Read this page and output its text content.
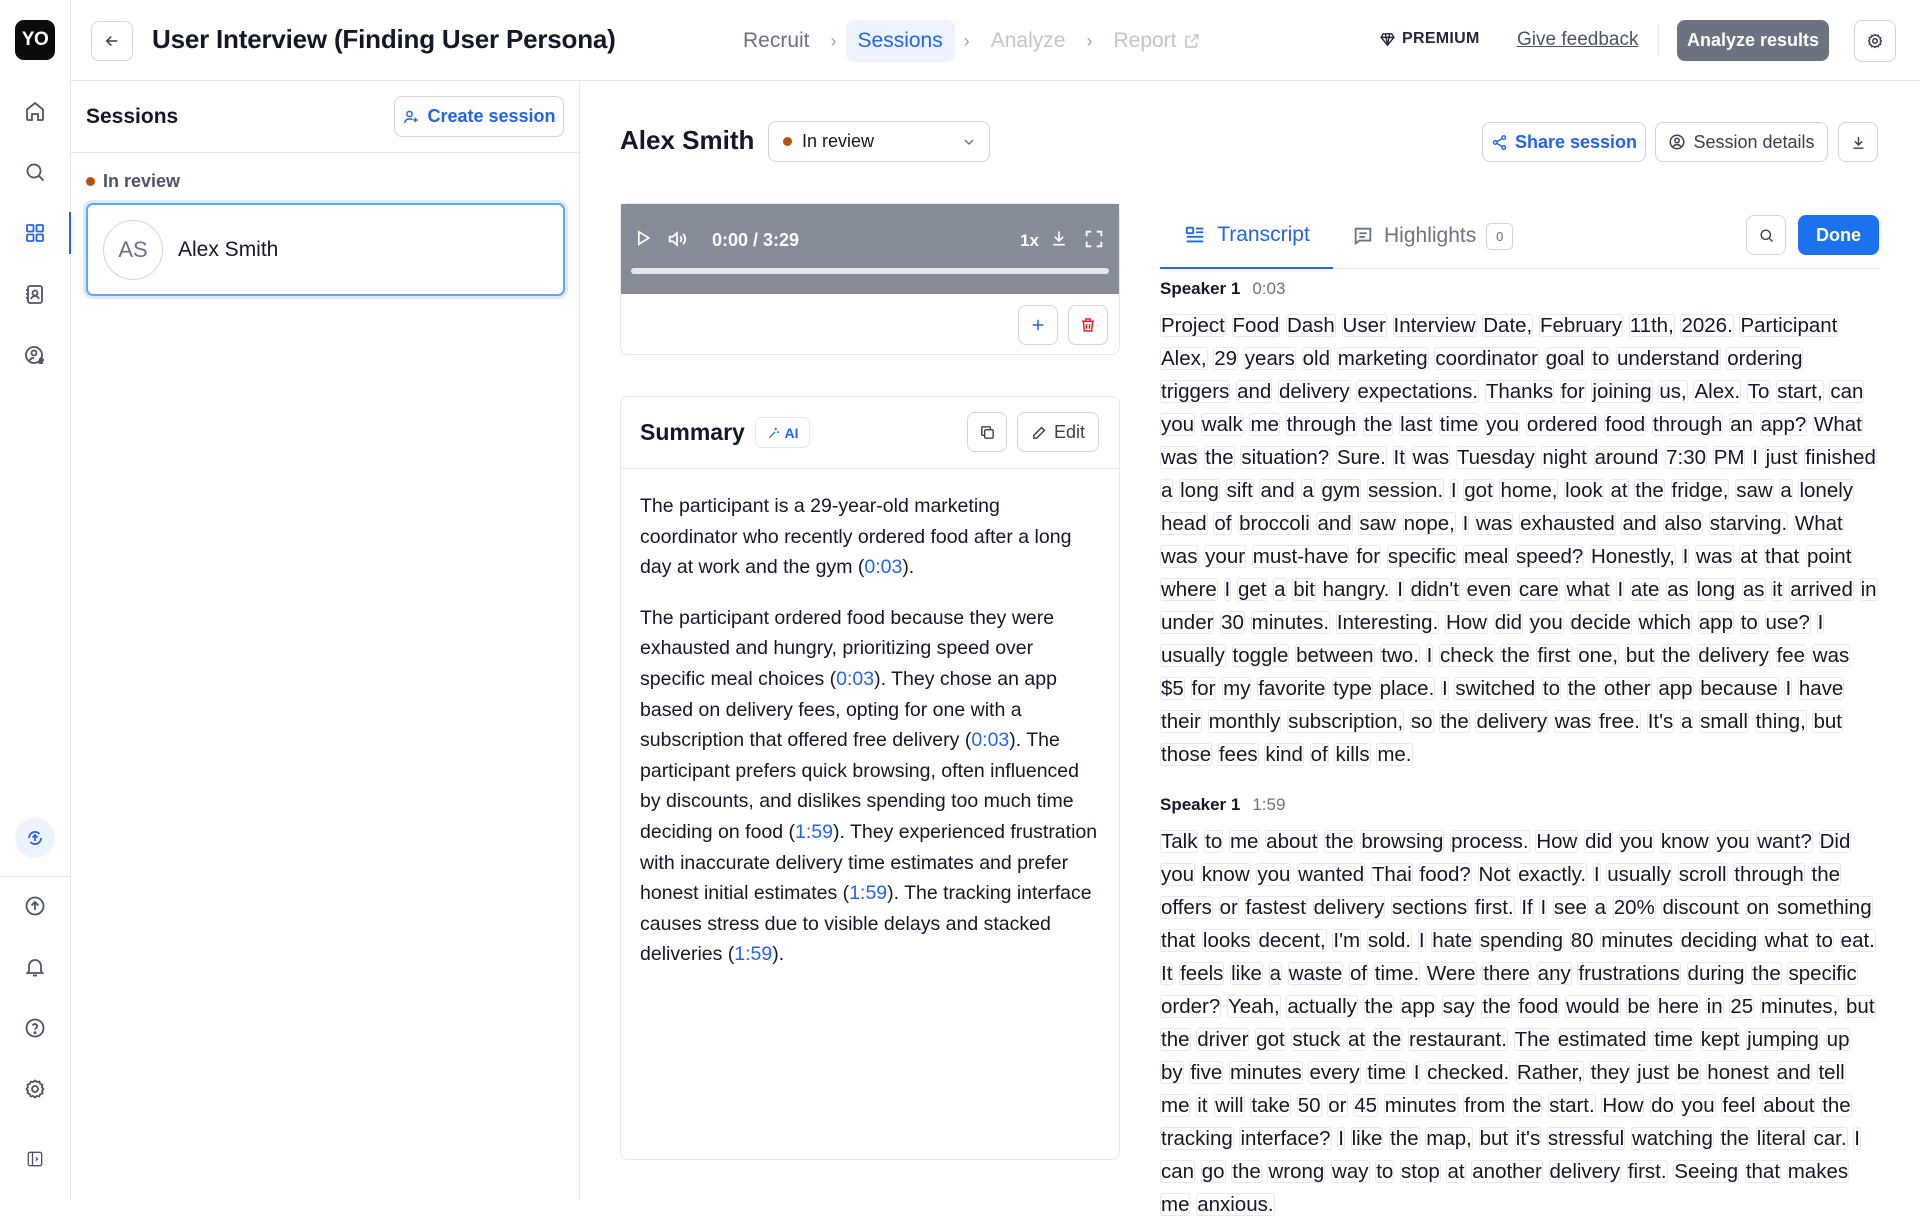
YO	User Interview (Finding User Persona)	Recruit	›	Sessions	›	Analyze	›	Report	PREMIUM Give feedback	Analyze results
Sessions	Create session
In review
AS	Alex Smith
Alex Smith	In review	Share session	Session details
0:00 / 3:29	1x
Summary	AI	Edit

The participant is a 29-year-old marketing coordinator who recently ordered food after a long day at work and the gym (0:03).

The participant ordered food because they were exhausted and hungry, prioritizing speed over specific meal choices (0:03). They chose an app based on delivery fees, opting for one with a subscription that offered free delivery (0:03). The participant prefers quick browsing, often influenced by discounts, and dislikes spending too much time deciding on food (1:59). They experienced frustration with inaccurate delivery time estimates and prefer honest initial estimates (1:59). The tracking interface causes stress due to visible delays and stacked deliveries (1:59).

Transcript	Highlights	0	Done
Speaker 1 0:03
Project Food Dash User Interview Date, February 11th, 2026. Participant Alex, 29 years old marketing coordinator goal to understand ordering triggers and delivery expectations. Thanks for joining us, Alex. To start, can you walk me through the last time you ordered food through an app? What was the situation? Sure. It was Tuesday night around 7:30 PM I just finished a long sift and a gym session. I got home, look at the fridge, saw a lonely head of broccoli and saw nope, I was exhausted and also starving. What was your must-have for specific meal speed? Honestly, I was at that point where I get a bit hangry. I didn't even care what I ate as long as it arrived in under 30 minutes. Interesting. How did you decide which app to use? I usually toggle between two. I check the first one, but the delivery fee was $5 for my favorite type place. I switched to the other app because I have their monthly subscription, so the delivery was free. It's a small thing, but those fees kind of kills me.
Speaker 1 1:59
Talk to me about the browsing process. How did you know you want? Did you know you wanted Thai food? Not exactly. I usually scroll through the offers or fastest delivery sections first. If I see a 20% discount on something that looks decent, I'm sold. I hate spending 80 minutes deciding what to eat. It feels like a waste of time. Were there any frustrations during the specific order? Yeah, actually the app say the food would be here in 25 minutes, but the driver got stuck at the restaurant. The estimated time kept jumping up by five minutes every time I checked. Rather, they just be honest and tell me it will take 50 or 45 minutes from the start. How do you feel about the tracking interface? I like the map, but it's stressful watching the literal car. I can go the wrong way to stop at another delivery first. Seeing that makes me anxious.
